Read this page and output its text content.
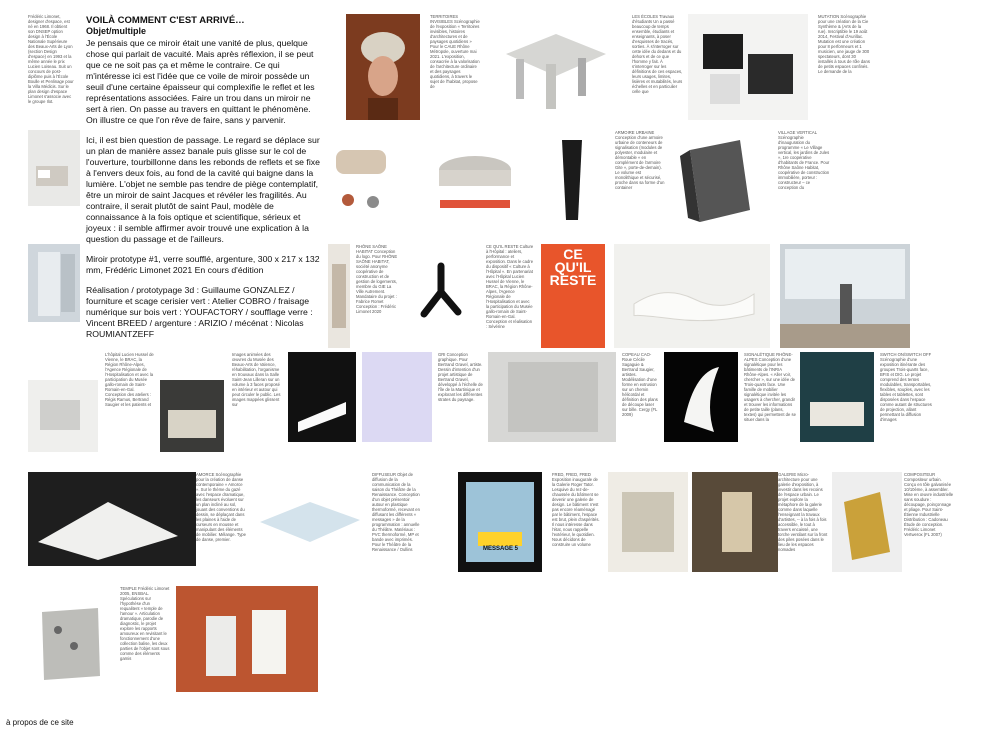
Frédéric Limonet, designer d'espace, est né en 1968. Il obtient son DNSEP option design à l'École Nationale Supérieure des Beaux-Arts de Lyon (section Design d'espace) en 1993 et la même année le prix Lucien Loiseau. Suit un concours de post-diplôme puis à l'École Boulle et Penlinage pour la Villa Médicis. Sur le plan design d'espace Limonet s'associe avec le groupe Ilot.
VOILÀ COMMENT C'EST ARRIVÉ…
Objet/multiple

Je pensais que ce miroir était une vanité de plus, quelque chose qui parlait de vacuité. Mais après réflexion, il se peut que ce ne soit pas ça et même le contraire. Ce qui m'intéresse ici est l'idée que ce voile de miroir possède un seuil d'une certaine épaisseur qui complexifie le reflet et les représentations associées. Faire un trou dans un miroir ne sert à rien. On passe au travers en quittant le phénomène. On illustre ce que l'on rêve de faire, sans y parvenir.

Ici, il est bien question de passage. Le regard se déplace sur un plan de manière assez banale puis glisse sur le col de l'ouverture, tourbillonne dans les rebonds de reflets et se fixe à l'envers deux fois, au fond de la cavité qui baigne dans la lumière. L'objet ne semble pas tendre de piège contemplatif, être un miroir de saint Jacques et révéler les fragilités. Au contraire, il serait plutôt de saint Paul, modèle de connaissance à la fois optique et scientifique, sérieux et joyeux : il semble affirmer avoir trouvé une explication à la question du passage et de l'ailleurs.

Miroir prototype #1, verre soufflé, argenture, 300 x 217 x 132 mm, Frédéric Limonet 2021 En cours d'édition

Réalisation / prototypage 3d : Guillaume GONZALEZ / fourniture et scage cerisier vert : Atelier COBRO / fraisage numérique sur bois vert : YOUFACTORY / soufflage verre : Vincent BREED / argenture : ARIZIO / mécénat : Nicolas ROUMIANTZEFF

TERRITOIRES INVISIBLES Scénographie de l'exposition « Territoires invisibles, histoires d'architectures et de paysages quotidiens » Pour le CAUE Rhône Métropole, ouverture mai 2021. L'exposition, consacrée à la valorisation de l'architecture ordinaire et des paysages quotidiens, à travers le sujet de l'habitat, propose de
LES ÉCOLES Travaux d'étudiants Un a passé beaucoup de temps ensemble, étudiants et enseignants, à poser d'esquisses de tracés, sorties. À s'interroger sur cette idée du dedans et du dehors et de ce que l'homme y fait. À s'interroger sur les définitions de ces espaces, leurs usages, limites, lisières et mutabilités, leurs échelles et en particulier celle que
MUTATION Scénographie pour une création de la Cie Synthème & (Arts de la rue). Inscriptible le 19 août 2014, Festival d'Aurillac. Mutation est une création pour 8 performeurs et 1 musicien, une jauge de 300 spectateurs, dont 30 installés à tous de rôle dans de petits espaces confinés. Le demande de la
ARMOIRE URBAINE Conception d'une armoire urbaine de conteneurs de signalisation (modules de polyester, modulaire et démontable « en complément de l'armoire Gite », porte-de-demain). Le volume est monolithique et sécurisé, proche dans sa forme d'un container
VILLAGE VERTICAL Scénographie d'inauguration du programme « Le Village vertical, les jardins de Jules », 1re coopérative d'habitants de France. Pour Rhône Saône Habitat, coopérative de construction immobilière, porteur : constructeur – ce conception du
RHÔNE SAÔNE HABITAT Conception du logo. Pour RHÔNE SAÔNE HABITAT, société anonyme coopérative de construction et de gestion de logements, membre du GIE La Ville Autrement. Mandataire du projet : Fabrice Romet Conception : Frédéric Limonet 2020
CE QU'IL RESTE Culture à l'Hôpital : ateliers, performance et exposition. Dans le cadre du dispositif « Culture à l'Hôpital ». En partenariat avec l'Hôpital Lucien Hussel de Vienne, le BRAC, la Région Rhône-Alpes, l'Agence Régionale de l'Hospitalisation et avec la participation du Musée gallo-romain de Saint-Romain-en-Gal. Conception et réalisation : Sévérine
CE QU'IL RESTE
L'hôpital Lucien Hussel de Vienne, le BRAC, la Région Rhône-Alpes, l'Agence Régionale de l'Hospitalisation et avec la participation du Musée gallo-romain de Saint-Romain-en-Gal. Conception des ateliers : Régis Ramus, Bertrand Saugier et les patients et
Images animées des œuvres du Musée des Beaux-Arts de Valence, réhabilitation, l'organisme en trouvaux dans la Salle Saint-Jean Lilleran sur un volume à 3 faces proposé en intérieur et autour qui peut circuler le public. Les images mappées glissent sur
GRI Conception graphique. Pour Bertrand Gravel, artiste. Dessin d'intention d'un projet artistique de Bertrand Gravel, développé à l'échelle de l'île de la Martinique et explorant les différentes strates du paysage.
COPEAU CAO-Roue Cécile Sagaguie & Bertrand Saugier, artistes. Modélisation d'une forme en extrusion sur un chemin hélicoïdal et définition des plans de découpe laser sur bille. Cergy (FL 2009)
SIGNALÉTIQUE RHÔNE-ALPES Conception d'une signalétique pour les bâtiments de l'INRIA Rhône-Alpes. « Aller voir, chercher », sur une idée de Trois-quarts face. Une famille de mobilier signalétique invitée les usagers à chercher, grandir et trouver les informations de petite taille (plans, textes) qui permettent de se situer dans la
SWITCH ON/SWITCH OFF Scénographie d'une exposition itinérante des groupes Trois-quarts face, BFIS et DIG. Le projet comprend des tentes modulables, transportables, flexibles, souples, avec les tables et tablettes, sont disposées dans l'espace comme autant de structures de projection, allant permettant la diffusion d'images
AMORCE Scénographie pour la création de danse contemporaine « Amorce ». Sur le thème du gazé avec l'espace dramatique, les danseurs évoluent sur un plan incliné au sol, jouant des conventions du dessin, se déplaçant dans les plaines à l'aide de curseurs en mousse et manipulant des éléments de mobilier. Mélange. Type de danse, premier.
DIFFUSEUR Objet de diffusion de la communication de la saison du Théâtre de la Renaissance. Conception d'un objet présentoir autour en plastique thermoformé, recevant en diffusant les différents « messages » de la programmation : annuelle du Théâtre. Matériaux : PVC thermoformé, MP et bande avec imprimés. Pour le Théâtre de la Renaissance / Oullins	MESSAGE 5
FRED, FRED, FRED Exposition inaugurale de la Galerie Roger Tator. Lesquive du rez-de-chaussée du bâtiment se devenir une galerie de design. Le bâtiment n'est pas encore réaménagé par le bâtiment, l'espace est brut, plein d'aspérités. Il nous intéresse dans l'état, nous rappelle l'extérieur, le quotidien. Nous décidons de construire un volume
GALERIE Micro-architecture pour une galerie d'exposition, à investir dans les recoins de l'espace urbain. Le projet explore la métaphore de la galerie comme dans laquelle l'enseignant la travaux d'artistes, -- à la fois à fois accessible, le tout à travers encaissé, une torche ventilant sur la front des piles posées dans le lieu de les espaces nomades
COMPOSITEUR Compositeur urbain. Conçu en tôle galvanisée 10/10ème, à assembler. Mise en œuvre industrielle sans soudure : découpage, poinçonnage et pliage. Pour Saint-Étienne Industrielle Distribution : Cadoneau Étude de conception. Frédéric Limonet Vertwerox (FL 2007)
TEMPLE Frédéric Limonet 2005, ENSBAL. Spéculations sur l'hypothèse d'un requalitent « temple de l'amour ». Articulation dramatique, parodie de diagnostic, le projet explore les rapports amoureux en revisitant le fonctionnement d'une collection balise, les deux parties de l'objet sont sous comme des éléments garnis
à propos de ce site
